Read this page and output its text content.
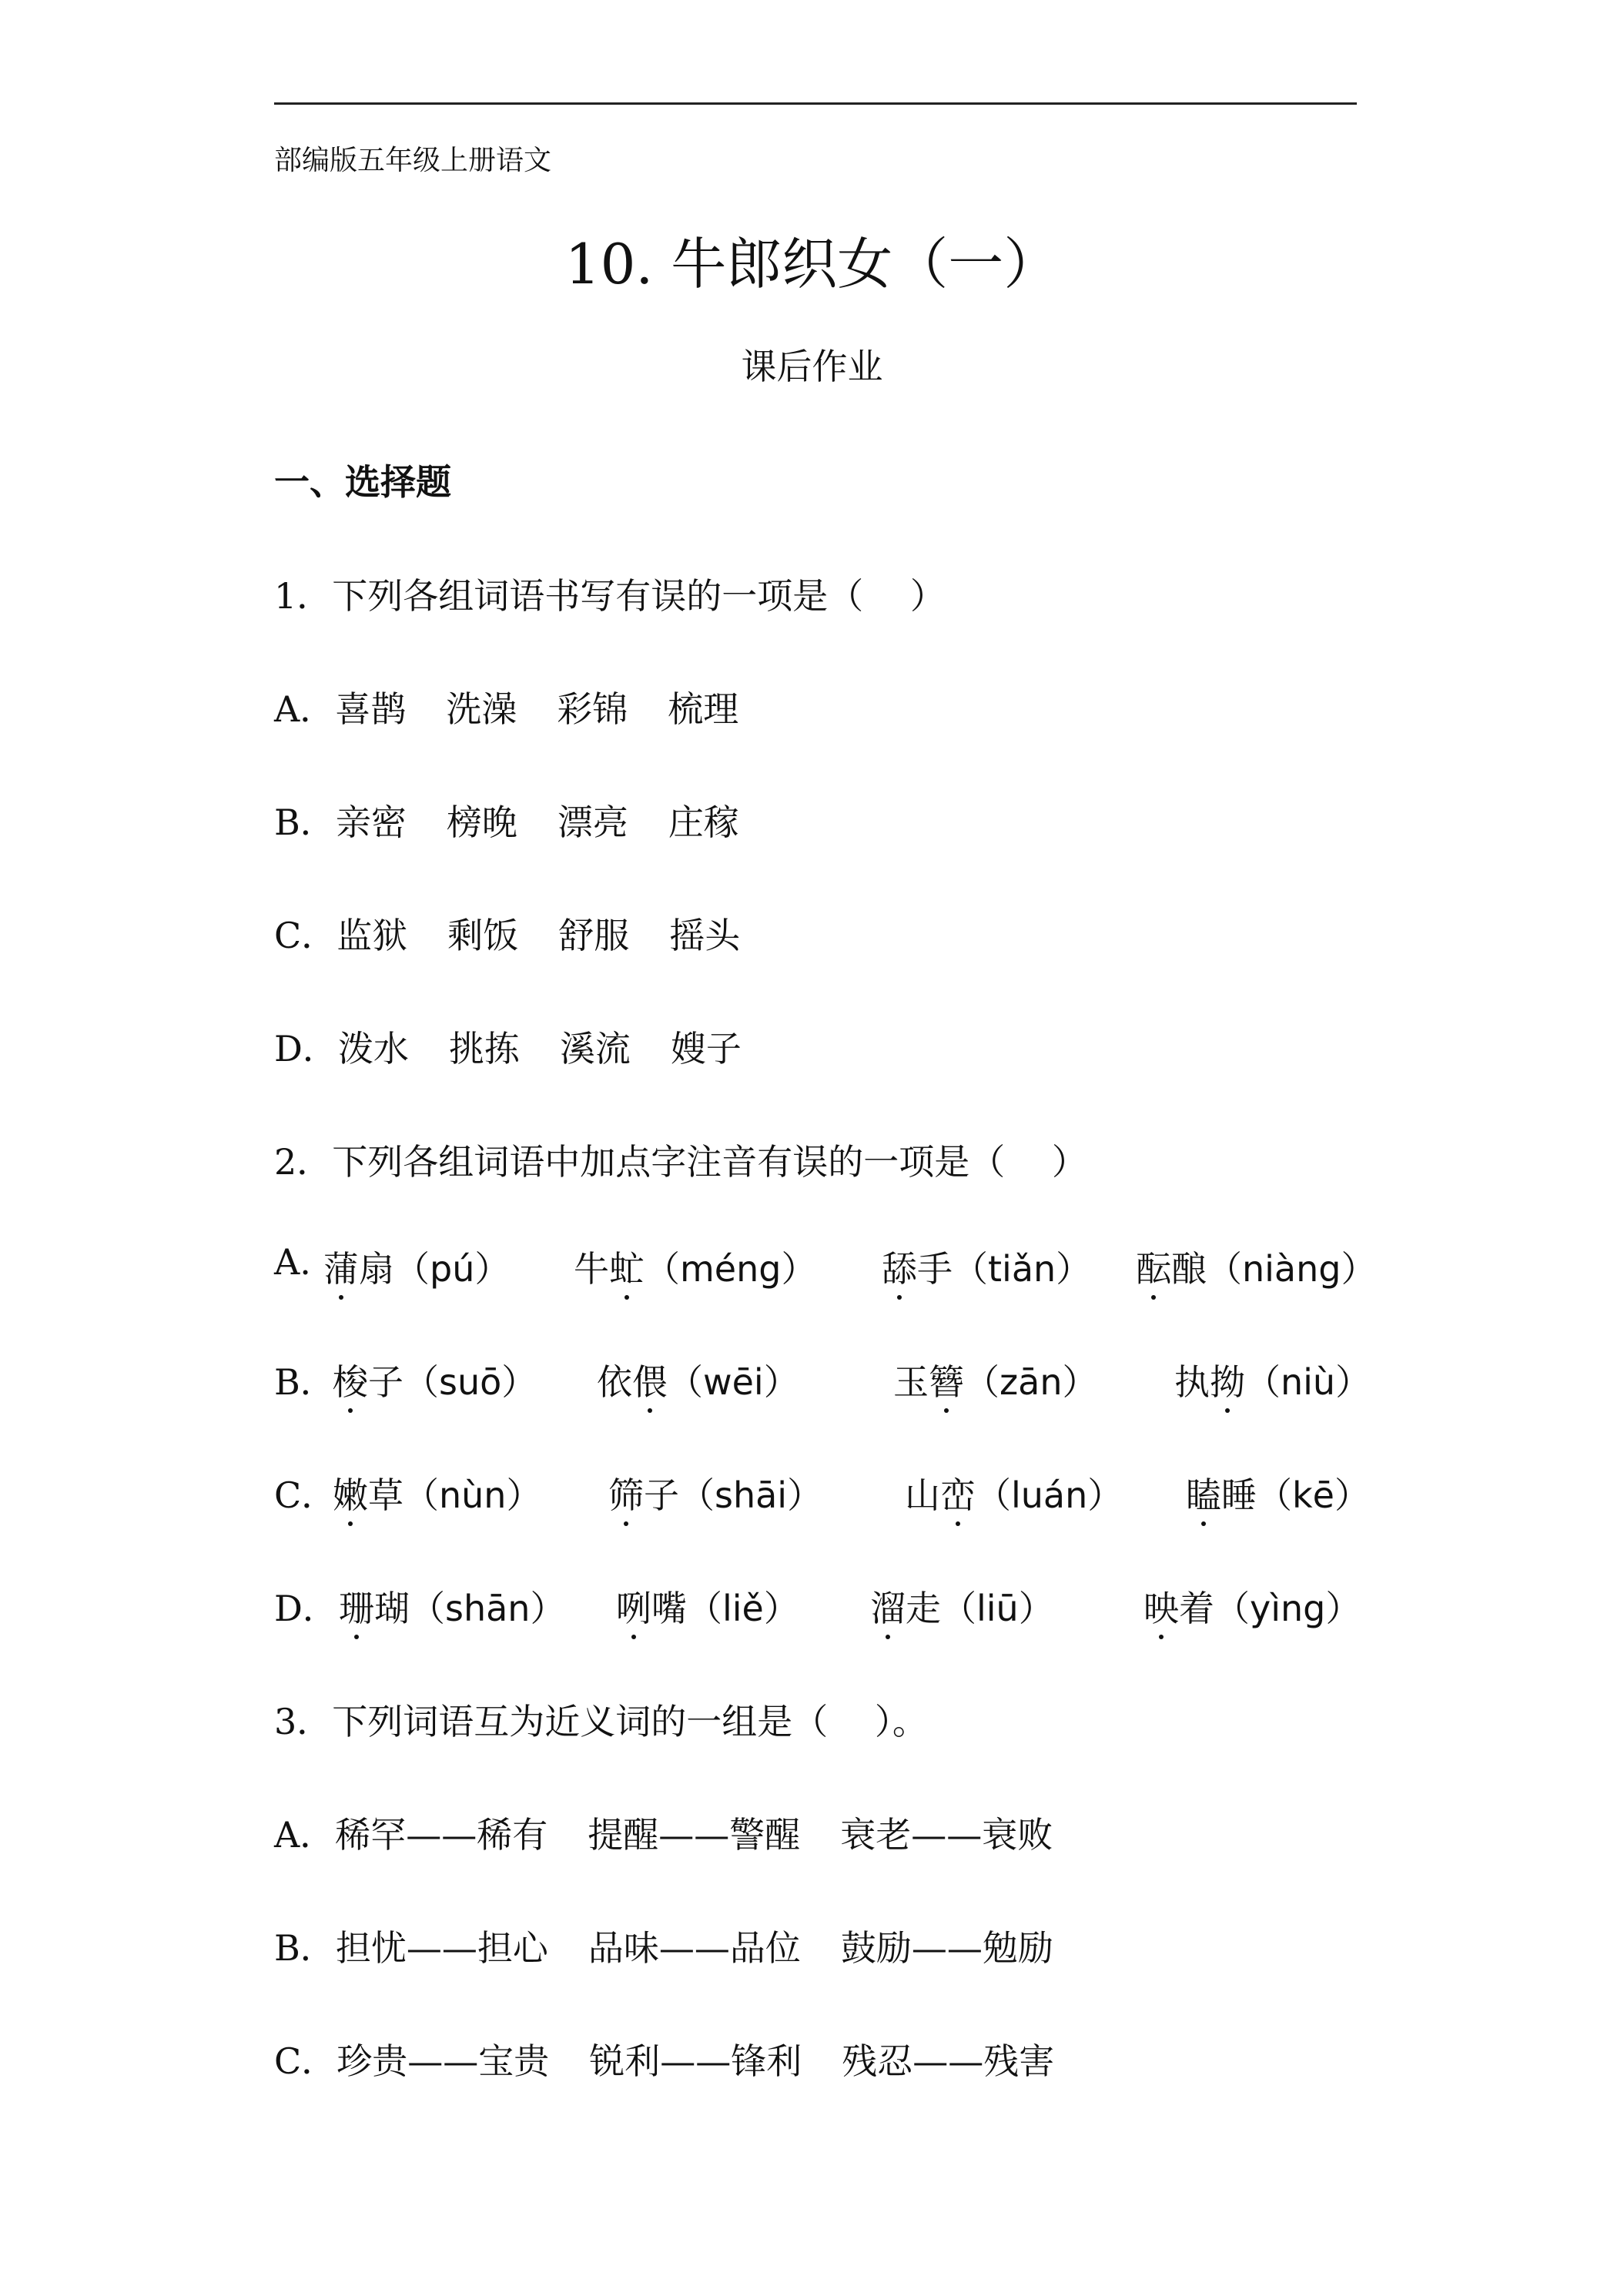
部编版五年级上册语文
10. 牛郎织女（一）
课后作业
一、选择题
1．下列各组词语书写有误的一项是（　 ）
A．喜鹊 洗澡 彩锦 梳理
B．亲密 榜晚 漂亮 庄稼
C．监狱 剩饭 舒服 摇头
D．泼水 挑拣 溪流 嫂子
2．下列各组词语中加点字注音有误的一项是（　 ）
A. 蒲扇（pú） 牛虻（méng） 舔手（tiǎn） 酝酿（niàng）
B．
梭子（suō） 依偎（wēi）	玉簪（zān） 执拗（niù）
C．
嫩草（nùn） 筛子（shāi） 山峦（luán） 瞌睡（kē）
D． 珊瑚（shān） 咧嘴（liě） 溜走（liū）	映着（yìng）
3．下列词语互为近义词的一组是（　 ）。
A．稀罕——稀有 提醒——警醒 衰老——衰败
B．担忧——担心 品味——品位 鼓励——勉励
C．珍贵——宝贵 锐利——锋利 残忍——残害
